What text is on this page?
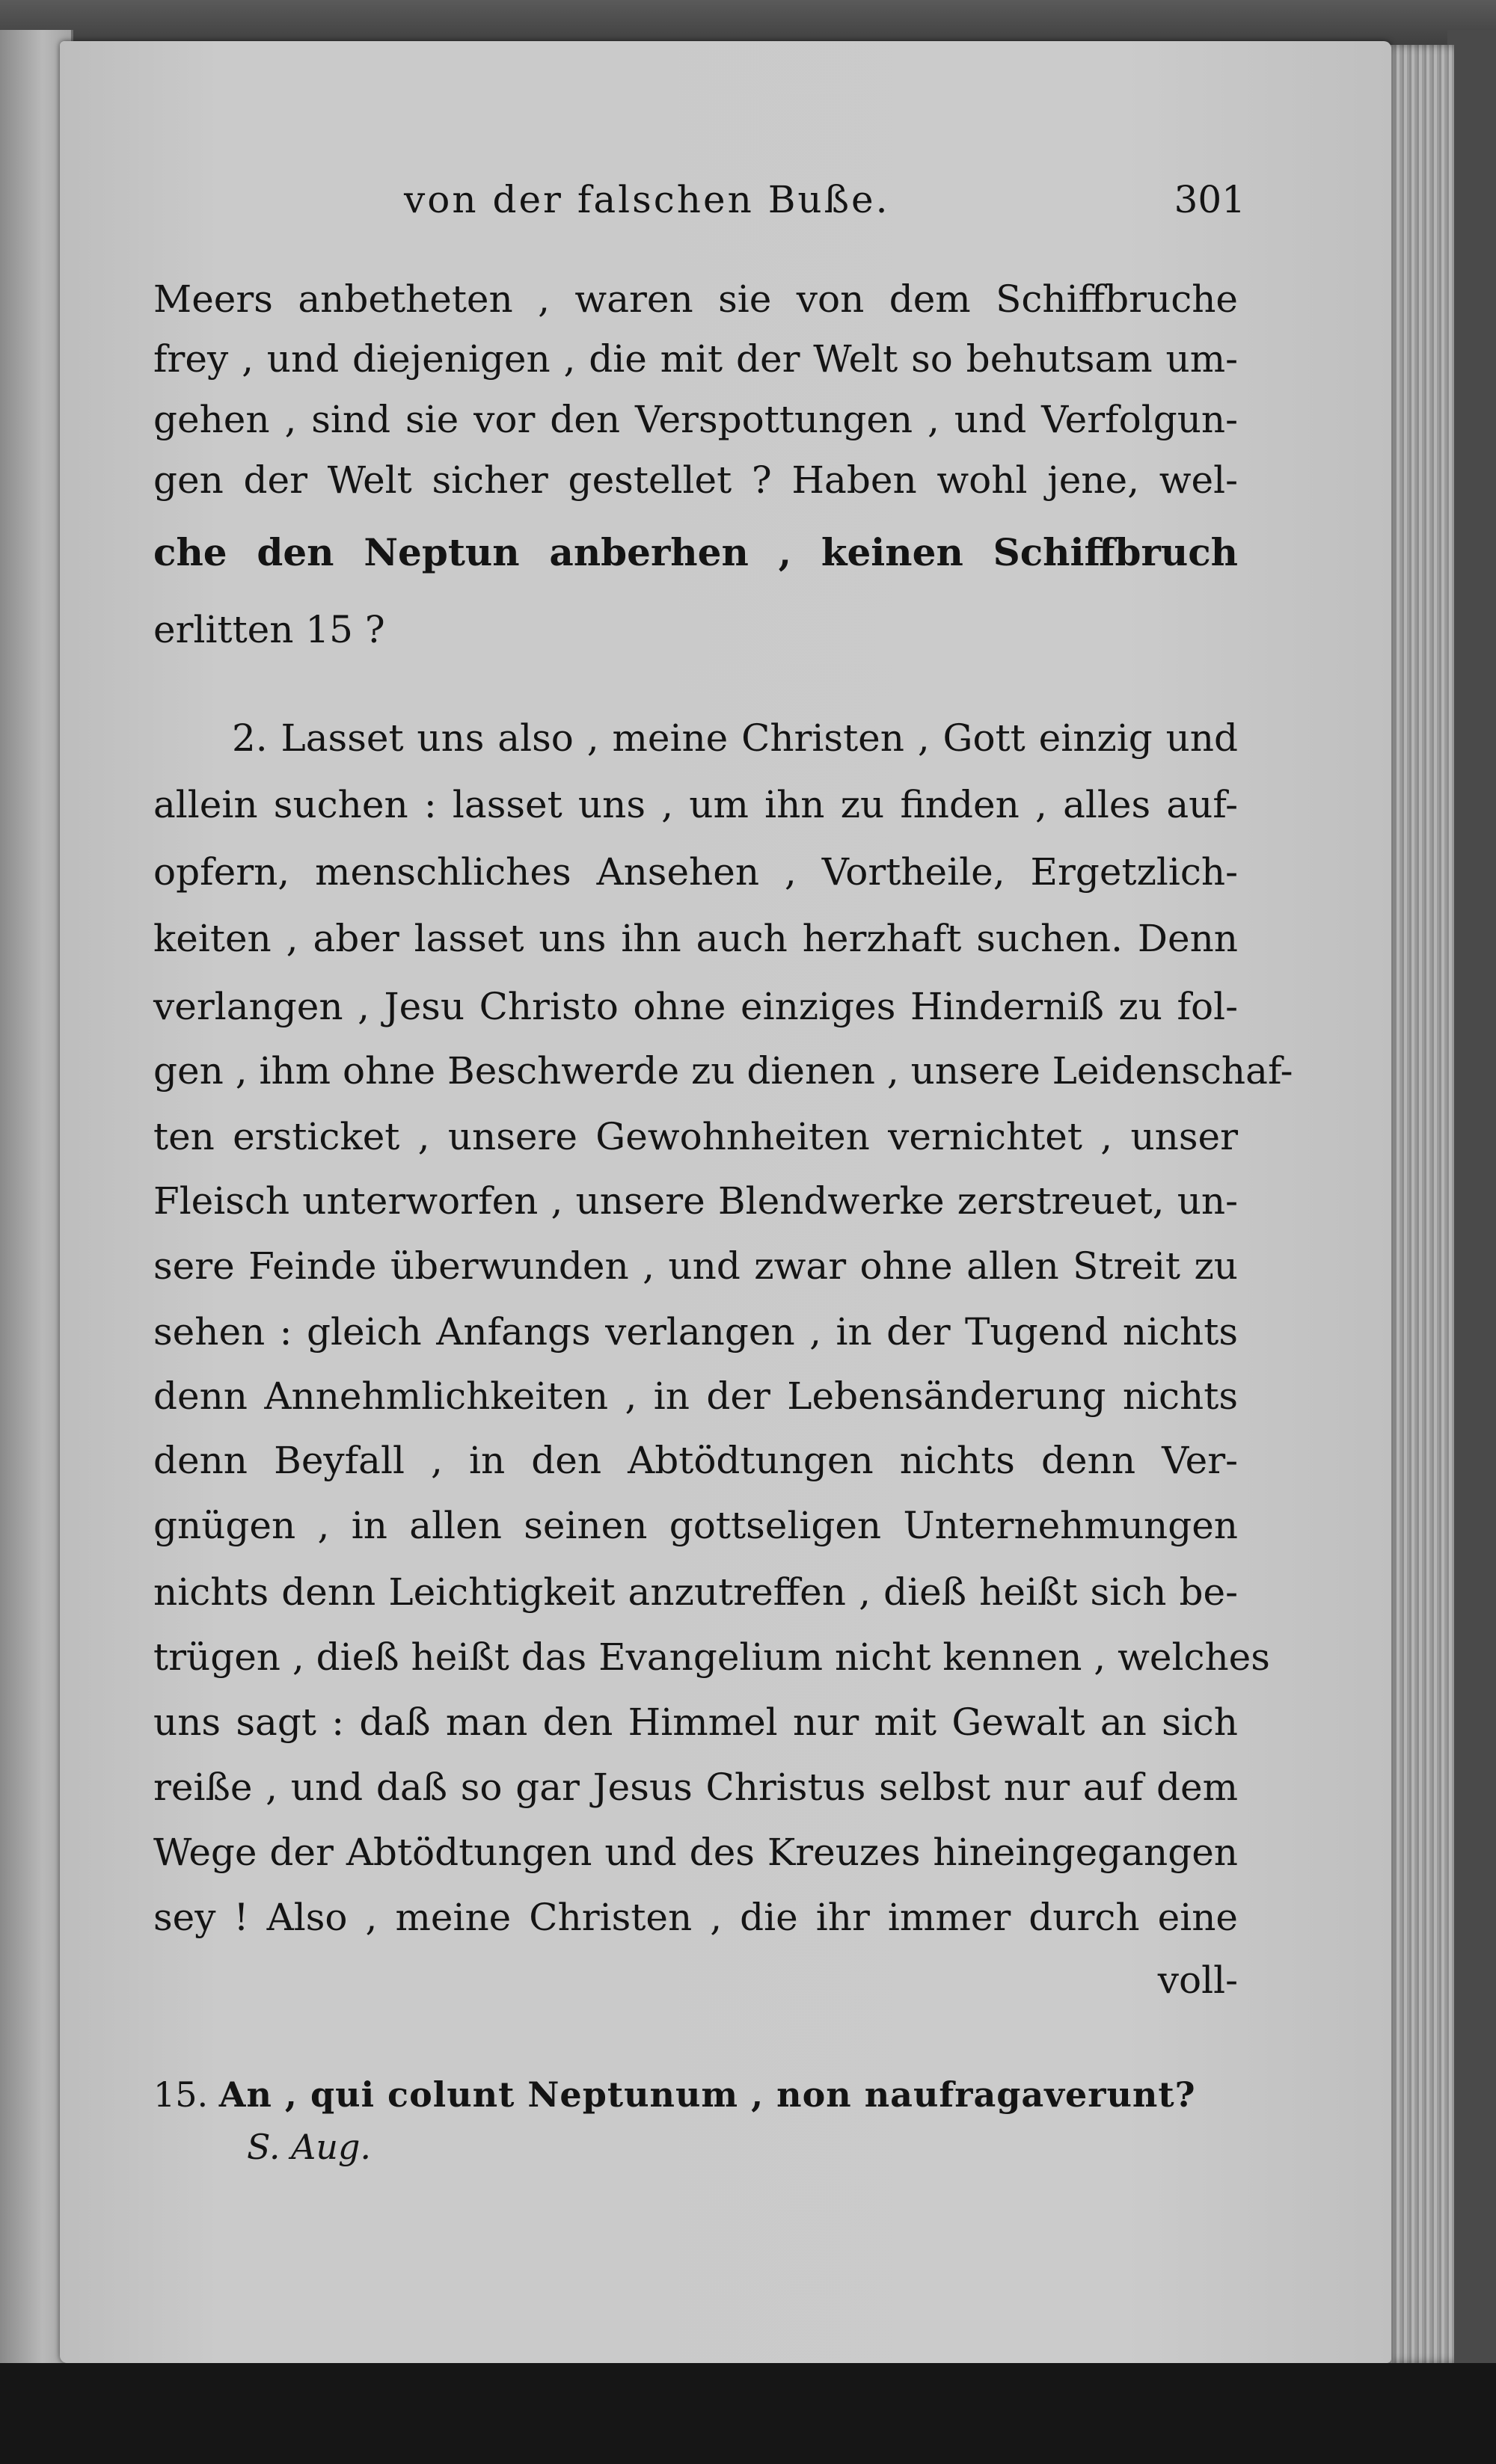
von der falschen Buße.	301
Meers anbetheten , waren sie von dem Schiffbruche
frey , und diejenigen , die mit der Welt so behutsam um-
gehen , sind sie vor den Verspottungen , und Verfolgun-
gen der Welt sicher gestellet ? Haben wohl jene, wel-
che den Neptun anberhen , keinen Schiffbruch
erlitten 15 ?
2. Lasset uns also , meine Christen , Gott einzig und
allein suchen : lasset uns , um ihn zu finden , alles auf-
opfern, menschliches Ansehen , Vortheile, Ergetzlich-
keiten , aber lasset uns ihn auch herzhaft suchen. Denn
verlangen , Jesu Christo ohne einziges Hinderniß zu fol-
gen , ihm ohne Beschwerde zu dienen , unsere Leidenschaf-
ten ersticket , unsere Gewohnheiten vernichtet , unser
Fleisch unterworfen , unsere Blendwerke zerstreuet, un-
sere Feinde überwunden , und zwar ohne allen Streit zu
sehen : gleich Anfangs verlangen , in der Tugend nichts
denn Annehmlichkeiten , in der Lebensänderung nichts
denn Beyfall , in den Abtödtungen nichts denn Ver-
gnügen , in allen seinen gottseligen Unternehmungen
nichts denn Leichtigkeit anzutreffen , dieß heißt sich be-
trügen , dieß heißt das Evangelium nicht kennen , welches
uns sagt : daß man den Himmel nur mit Gewalt an sich
reiße , und daß so gar Jesus Christus selbst nur auf dem
Wege der Abtödtungen und des Kreuzes hineingegangen
sey ! Also , meine Christen , die ihr immer durch eine
voll-
15. An , qui colunt Neptunum , non naufragaverunt?
S. Aug.
